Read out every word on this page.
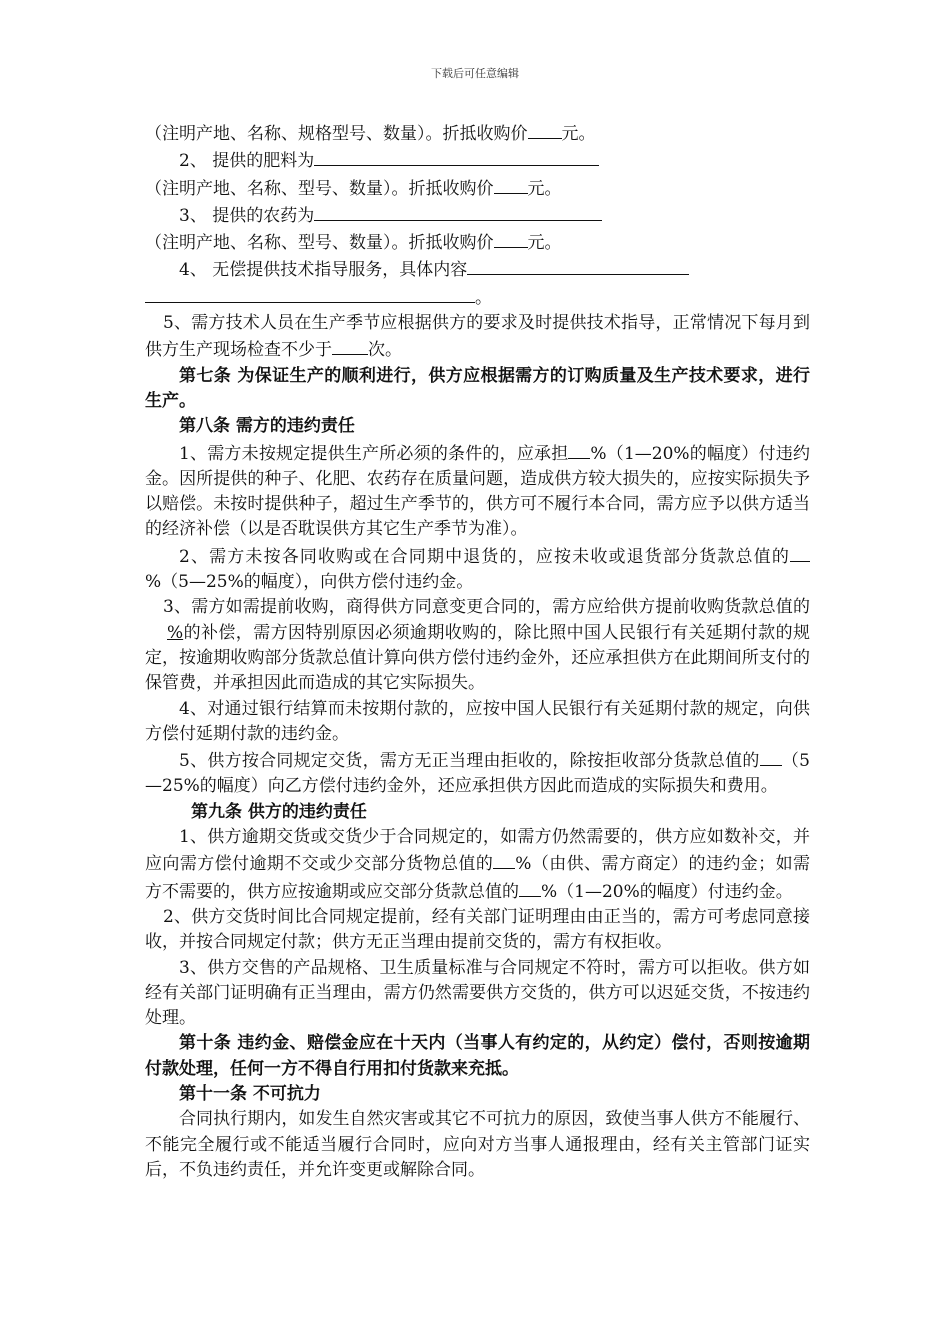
下载后可任意编辑
（注明产地、名称、规格型号、数量）。折抵收购价 元。
2、 提供的肥料为
（注明产地、名称、型号、数量）。折抵收购价 元。
3、 提供的农药为
（注明产地、名称、型号、数量）。折抵收购价 元。
4、 无偿提供技术指导服务，具体内容
。
5、需方技术人员在生产季节应根据供方的要求及时提供技术指导，正常情况下每月到供方生产现场检查不少于 次。
第七条 为保证生产的顺利进行，供方应根据需方的订购质量及生产技术要求，进行生产。
第八条 需方的违约责任
1、需方未按规定提供生产所必须的条件的，应承担 %（1—20%的幅度）付违约金。因所提供的种子、化肥、农药存在质量问题，造成供方较大损失的，应按实际损失予以赔偿。未按时提供种子，超过生产季节的，供方可不履行本合同，需方应予以供方适当的经济补偿（以是否耽误供方其它生产季节为准）。
2、需方未按各同收购或在合同期中退货的，应按未收或退货部分货款总值的%（5—25%的幅度），向供方偿付违约金。
3、需方如需提前收购，商得供方同意变更合同的，需方应给供方提前收购货款总值的%的补偿，需方因特别原因必须逾期收购的，除比照中国人民银行有关延期付款的规定，按逾期收购部分货款总值计算向供方偿付违约金外，还应承担供方在此期间所支付的保管费，并承担因此而造成的其它实际损失。
4、对通过银行结算而未按期付款的，应按中国人民银行有关延期付款的规定，向供方偿付延期付款的违约金。
5、供方按合同规定交货，需方无正当理由拒收的，除按拒收部分货款总值的 （5—25%的幅度）向乙方偿付违约金外，还应承担供方因此而造成的实际损失和费用。
第九条 供方的违约责任
1、供方逾期交货或交货少于合同规定的，如需方仍然需要的，供方应如数补交，并应向需方偿付逾期不交或少交部分货物总值的 %（由供、需方商定）的违约金；如需方不需要的，供方应按逾期或应交部分货款总值的 %（1—20%的幅度）付违约金。
2、供方交货时间比合同规定提前，经有关部门证明理由由正当的，需方可考虑同意接收，并按合同规定付款；供方无正当理由提前交货的，需方有权拒收。
3、供方交售的产品规格、卫生质量标准与合同规定不符时，需方可以拒收。供方如经有关部门证明确有正当理由，需方仍然需要供方交货的，供方可以迟延交货，不按违约处理。
第十条 违约金、赔偿金应在十天内（当事人有约定的，从约定）偿付，否则按逾期付款处理，任何一方不得自行用扣付货款来充抵。
第十一条 不可抗力
合同执行期内，如发生自然灾害或其它不可抗力的原因，致使当事人供方不能履行、不能完全履行或不能适当履行合同时，应向对方当事人通报理由，经有关主管部门证实后，不负违约责任，并允许变更或解除合同。
